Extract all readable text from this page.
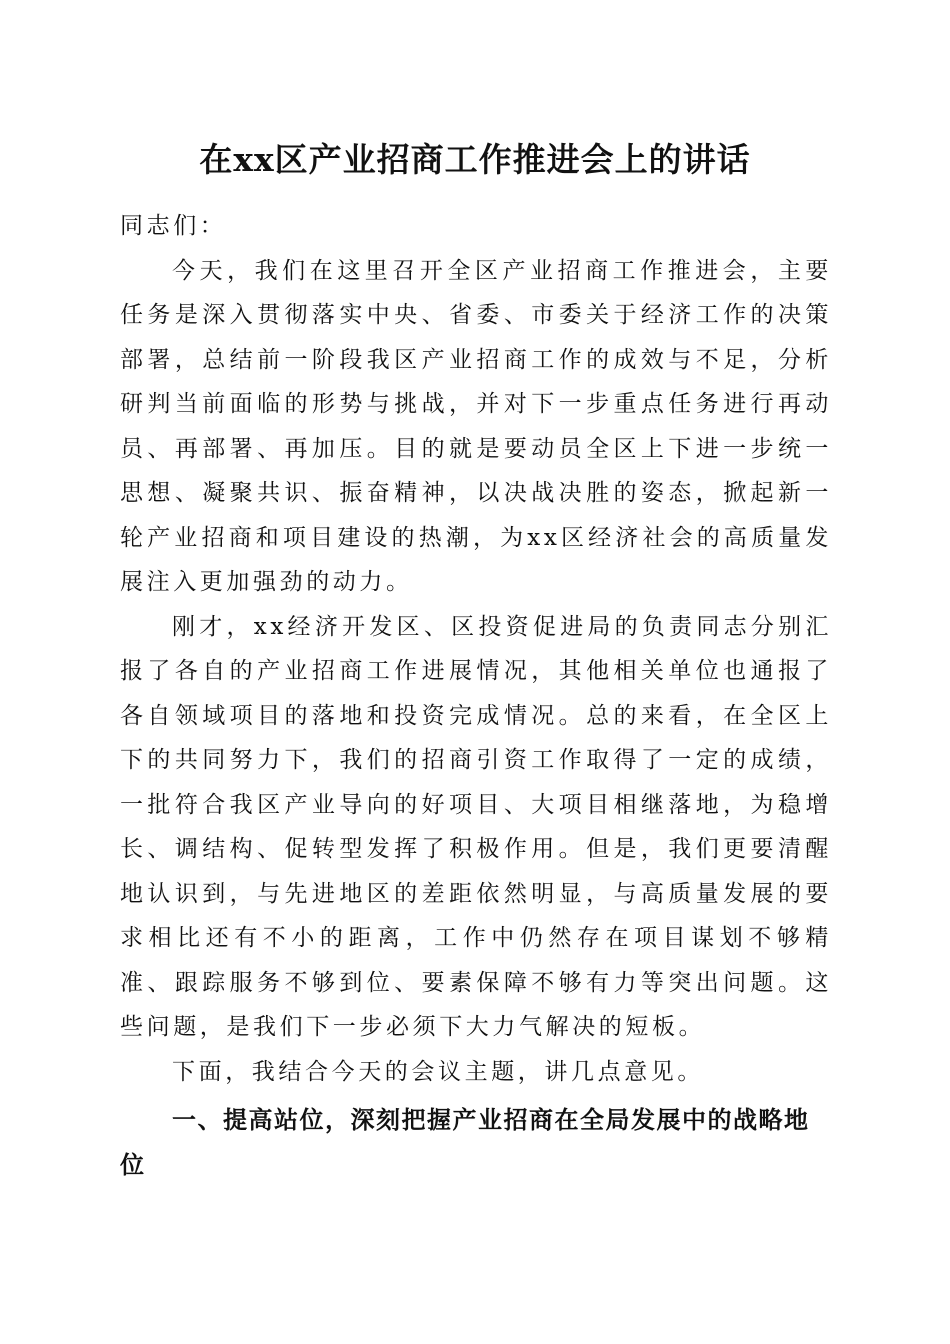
在xx区产业招商工作推进会上的讲话

同志们：

今天，我们在这里召开全区产业招商工作推进会，主要任务是深入贯彻落实中央、省委、市委关于经济工作的决策部署，总结前一阶段我区产业招商工作的成效与不足，分析研判当前面临的形势与挑战，并对下一步重点任务进行再动员、再部署、再加压。目的就是要动员全区上下进一步统一思想、凝聚共识、振奋精神，以决战决胜的姿态，掀起新一轮产业招商和项目建设的热潮，为xx区经济社会的高质量发展注入更加强劲的动力。

刚才，xx经济开发区、区投资促进局的负责同志分别汇报了各自的产业招商工作进展情况，其他相关单位也通报了各自领域项目的落地和投资完成情况。总的来看，在全区上下的共同努力下，我们的招商引资工作取得了一定的成绩，一批符合我区产业导向的好项目、大项目相继落地，为稳增长、调结构、促转型发挥了积极作用。但是，我们更要清醒地认识到，与先进地区的差距依然明显，与高质量发展的要求相比还有不小的距离，工作中仍然存在项目谋划不够精准、跟踪服务不够到位、要素保障不够有力等突出问题。这些问题，是我们下一步必须下大力气解决的短板。

下面，我结合今天的会议主题，讲几点意见。

一、提高站位，深刻把握产业招商在全局发展中的战略地位
